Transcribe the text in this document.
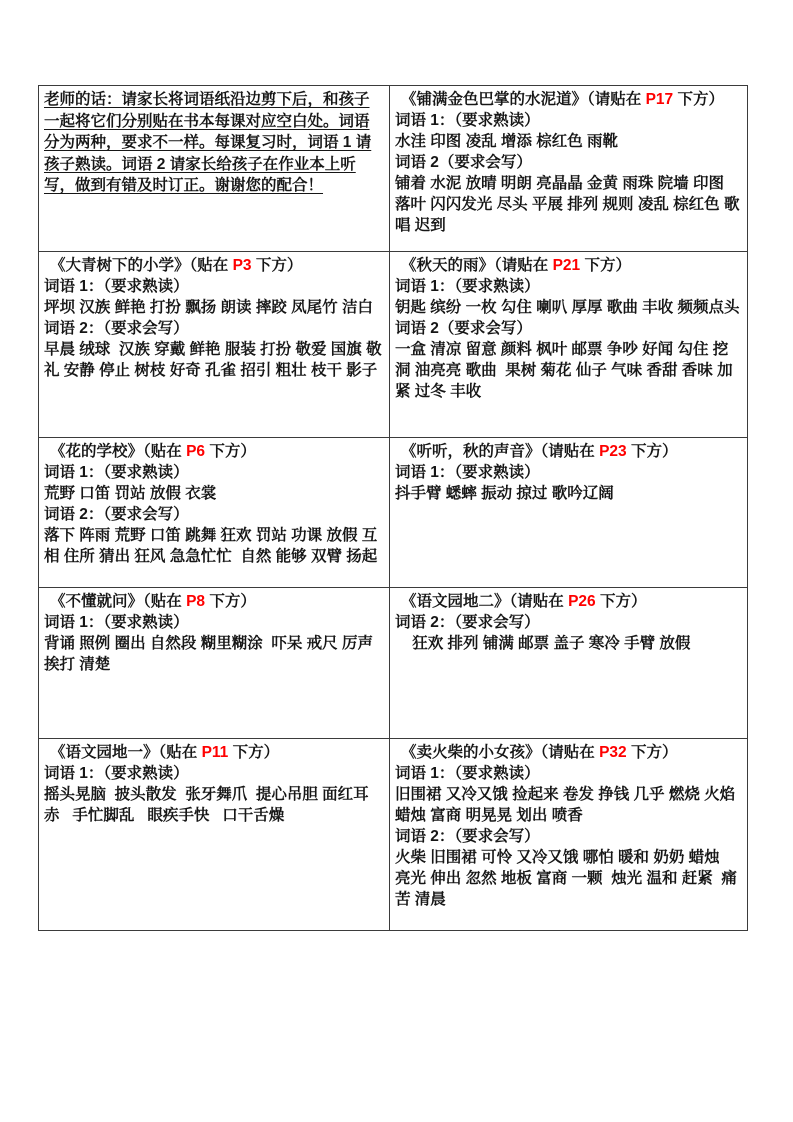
老师的话：请家长将词语纸沿边剪下后，和孩子一起将它们分别贴在书本每课对应空白处。词语分为两种，要求不一样。每课复习时，词语 1 请孩子熟读。词语 2 请家长给孩子在作业本上听写，做到有错及时订正。谢谢您的配合！

《铺满金色巴掌的水泥道》（请贴在 P17 下方）
词语 1：（要求熟读）
水洼 印图 凌乱 增添 棕红色 雨靴
词语 2（要求会写）
铺着 水泥 放晴 明朗 亮晶晶 金黄 雨珠 院墙 印图 落叶 闪闪发光 尽头 平展 排列 规则 凌乱 棕红色 歌唱 迟到
《大青树下的小学》（贴在 P3 下方）
词语 1：（要求熟读）
坪坝 汉族 鲜艳 打扮 飘扬 朗读 摔跤 凤尾竹 洁白
词语 2：（要求会写）
早晨 绒球  汉族 穿戴 鲜艳 服装 打扮 敬爱 国旗 敬礼 安静 停止 树枝 好奇 孔雀 招引 粗壮 枝干 影子
《秋天的雨》（请贴在 P21 下方）
词语 1：（要求熟读）
钥匙 缤纷 一枚 勾住 喇叭 厚厚 歌曲 丰收 频频点头
词语 2（要求会写）
一盒 清凉 留意 颜料 枫叶 邮票 争吵 好闻 勾住 挖洞 油亮亮 歌曲  果树 菊花 仙子 气味 香甜 香味 加紧 过冬 丰收
《花的学校》（贴在 P6 下方）
词语 1：（要求熟读）
荒野 口笛 罚站 放假 衣裳
词语 2：（要求会写）
落下 阵雨 荒野 口笛 跳舞 狂欢 罚站 功课 放假 互相 住所 猜出 狂风 急急忙忙  自然 能够 双臂 扬起
《听听，秋的声音》（请贴在 P23 下方）
词语 1：（要求熟读）
抖手臂 蟋蟀 振动 掠过 歌吟辽阔
《不懂就问》（贴在 P8 下方）
词语 1：（要求熟读）
背诵 照例 圈出 自然段 糊里糊涂  吓呆 戒尺 厉声 挨打 清楚
《语文园地二》（请贴在 P26 下方）
词语 2：（要求会写）
狂欢 排列 铺满 邮票 盖子 寒冷 手臂 放假
《语文园地一》（贴在 P11 下方）
词语 1：（要求熟读）
摇头晃脑  披头散发  张牙舞爪  提心吊胆 面红耳赤   手忙脚乱   眼疾手快   口干舌燥
《卖火柴的小女孩》（请贴在 P32 下方）
词语 1：（要求熟读）
旧围裙 又冷又饿 捡起来 卷发 挣钱 几乎 燃烧 火焰 蜡烛 富商 明晃晃 划出 喷香
词语 2：（要求会写）
火柴 旧围裙 可怜 又冷又饿 哪怕 暖和 奶奶 蜡烛  亮光 伸出 忽然 地板 富商 一颗  烛光 温和 赶紧  痛苦 清晨
